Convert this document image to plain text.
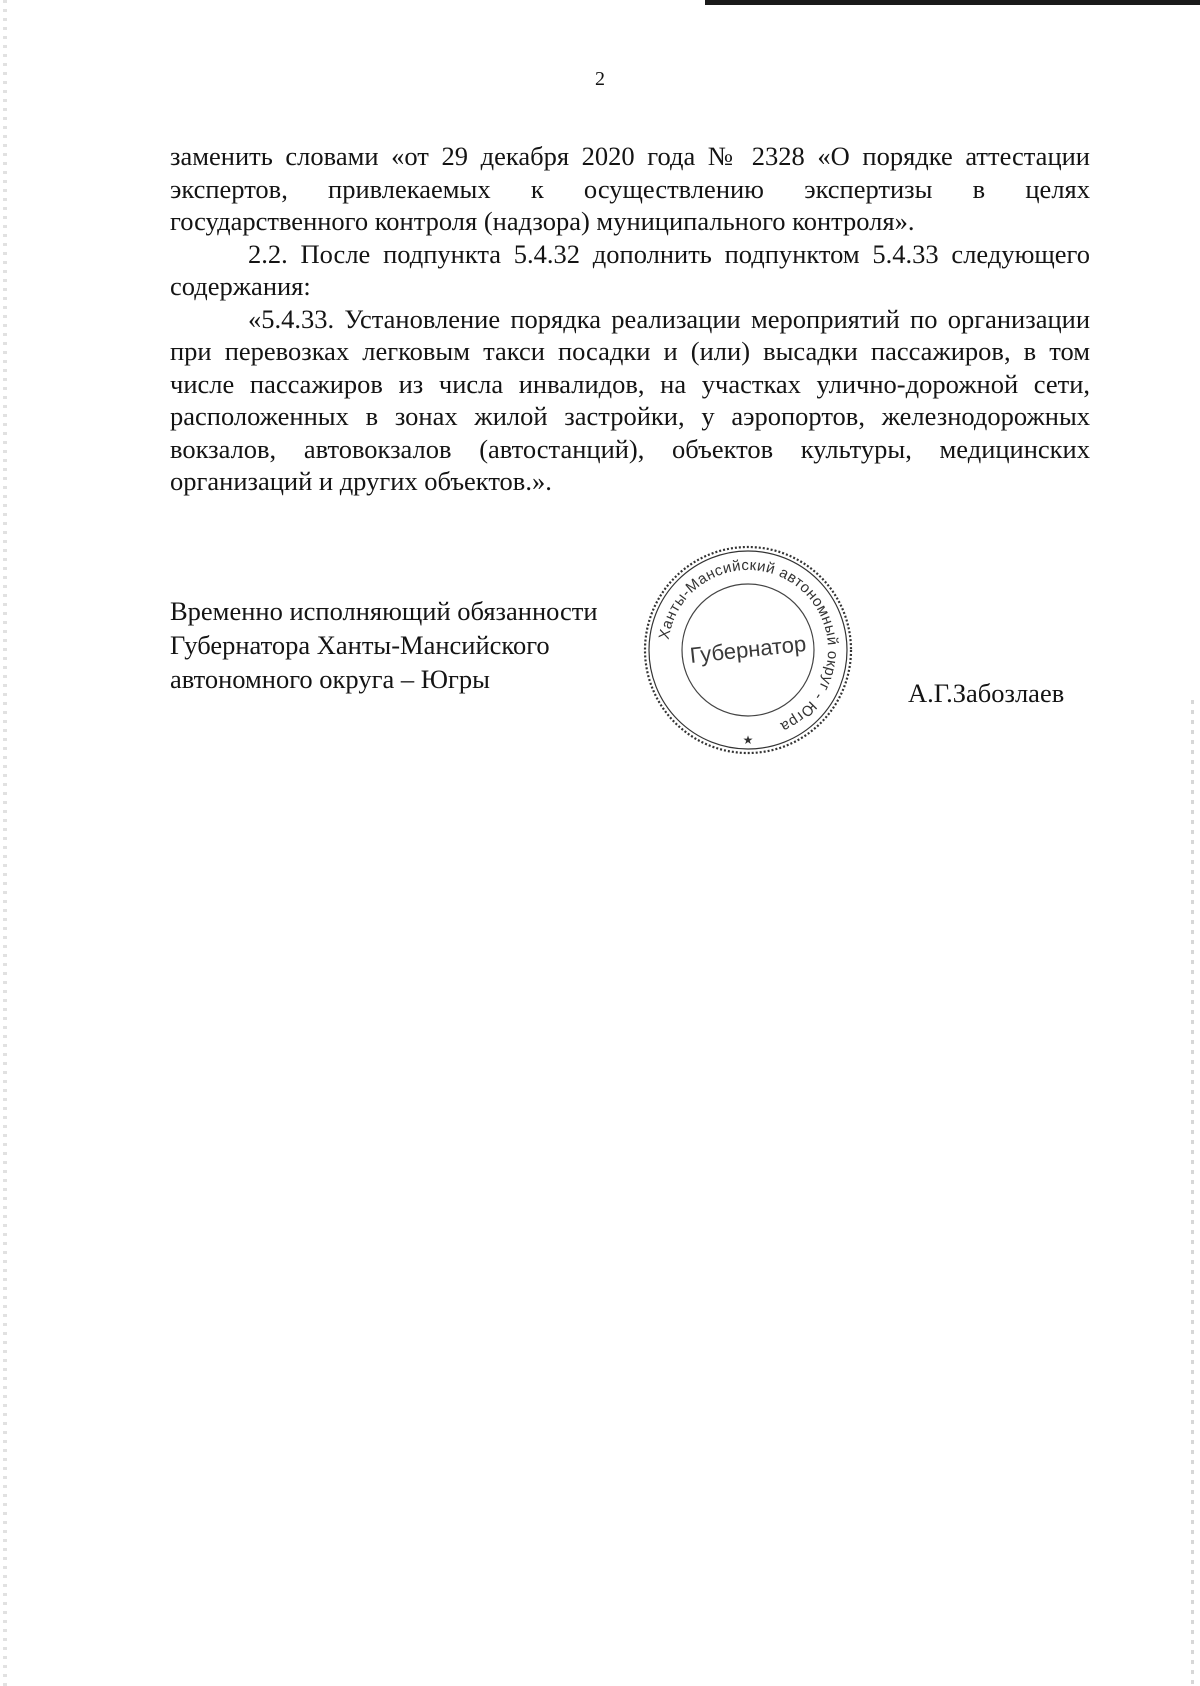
2

заменить словами «от 29 декабря 2020 года № 2328 «О порядке аттестации экспертов, привлекаемых к осуществлению экспертизы в целях государственного контроля (надзора) муниципального контроля».

2.2. После подпункта 5.4.32 дополнить подпунктом 5.4.33 следующего содержания:

«5.4.33. Установление порядка реализации мероприятий по организации при перевозках легковым такси посадки и (или) высадки пассажиров, в том числе пассажиров из числа инвалидов, на участках улично-дорожной сети, расположенных в зонах жилой застройки, у аэропортов, железнодорожных вокзалов, автовокзалов (автостанций), объектов культуры, медицинских организаций и других объектов.».

Временно исполняющий обязанности
Губернатора Ханты-Мансийского
автономного округа – Югры
Ханты-Мансийский автономный округ - Югра
Губернатор
★
А.Г.Забозлаев
